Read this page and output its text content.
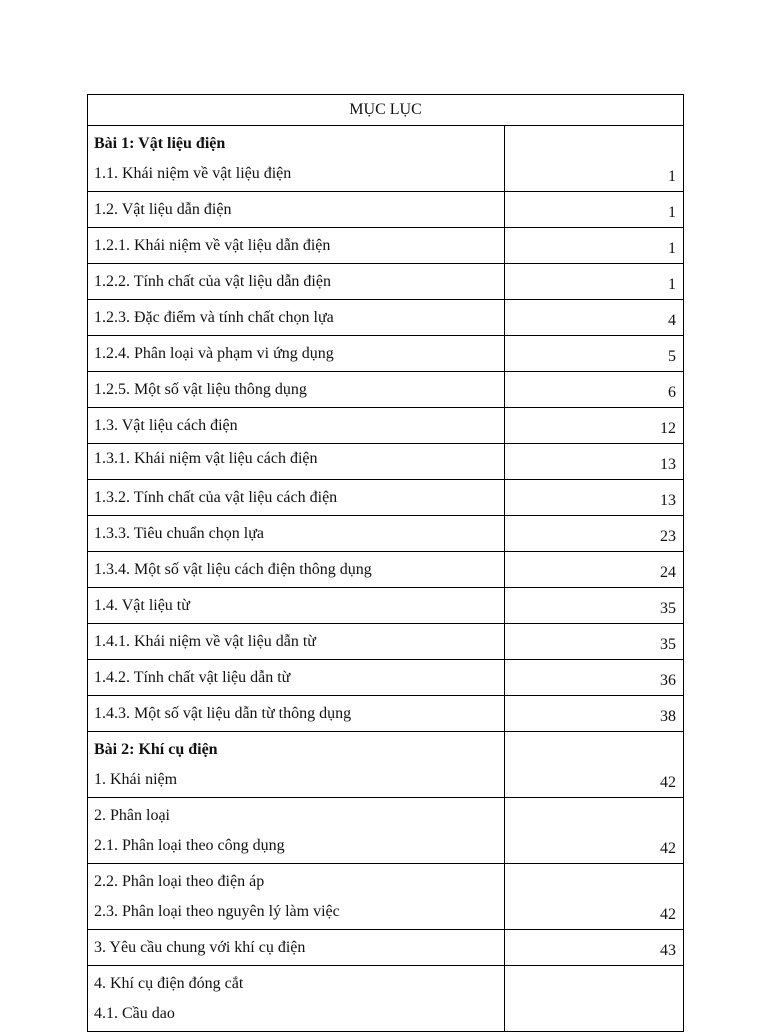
MỤC LỤC	

Bài 1: Vật liệu điện
1.1. Khái niệm về vật liệu điện	1

1.2. Vật liệu dẫn điện	1

1.2.1. Khái niệm về vật liệu dẫn điện	1

1.2.2. Tính chất của vật liệu dẫn điện	1

1.2.3. Đặc điểm và tính chất chọn lựa	4

1.2.4. Phân loại và phạm vi ứng dụng	5

1.2.5. Một số vật liệu thông dụng	6

1.3. Vật liệu cách điện	12

1.3.1. Khái niệm vật liệu cách điện	13

1.3.2. Tính chất của vật liệu cách điện	13

1.3.3. Tiêu chuẩn chọn lựa	23

1.3.4. Một số vật liệu cách điện thông dụng	24

1.4. Vật liệu từ	35

1.4.1. Khái niệm về vật liệu dẫn từ	35

1.4.2. Tính chất vật liệu dẫn từ	36

1.4.3. Một số vật liệu dẫn từ thông dụng	38

Bài 2: Khí cụ điện
1. Khái niệm	42

2. Phân loại
2.1. Phân loại theo công dụng	42

2.2. Phân loại theo điện áp
2.3. Phân loại theo nguyên lý làm việc	42

3. Yêu cầu chung với khí cụ điện	43

4. Khí cụ điện đóng cắt
4.1. Cầu dao	
